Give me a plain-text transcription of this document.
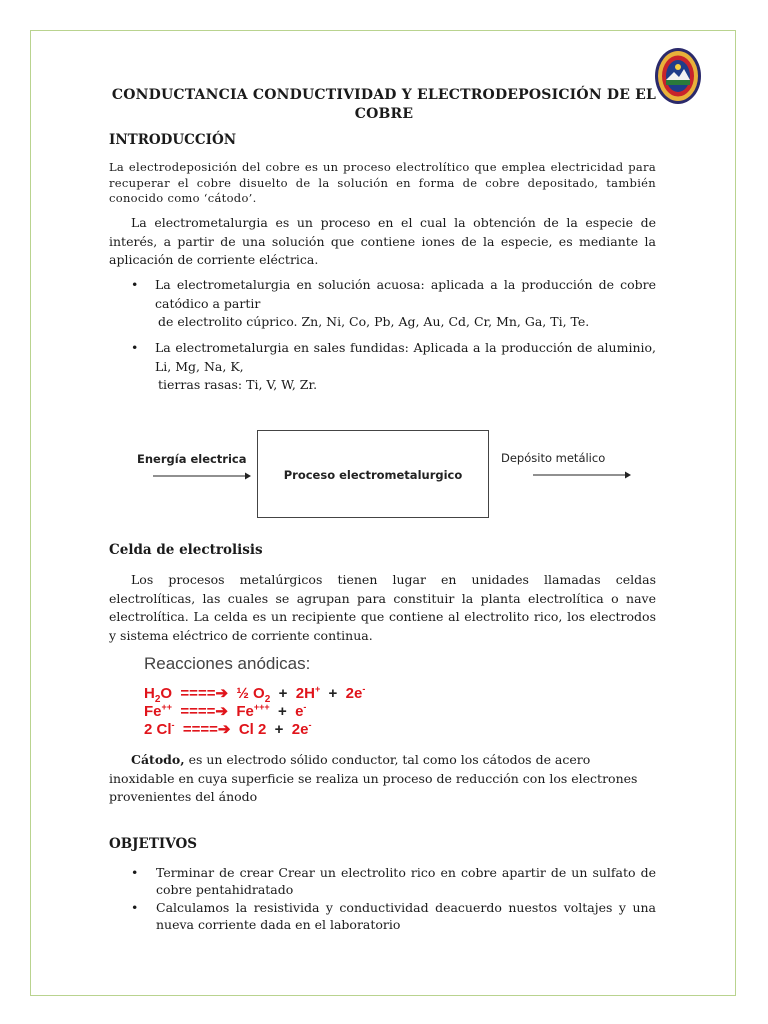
CONDUCTANCIA CONDUCTIVIDAD Y ELECTRODEPOSICIÓN DE EL COBRE
INTRODUCCIÓN
La electrodeposición del cobre es un proceso electrolítico que emplea electricidad para recuperar el cobre disuelto de la solución en forma de cobre depositado, también conocido como ‘cátodo’.
La electrometalurgia es un proceso en el cual la obtención de la especie de interés, a partir de una solución que contiene iones de la especie, es mediante la aplicación de corriente eléctrica.
• La electrometalurgia en solución acuosa: aplicada a la producción de cobre catódico a partir
de electrolito cúprico. Zn, Ni, Co, Pb, Ag, Au, Cd, Cr, Mn, Ga, Ti, Te.
• La electrometalurgia en sales fundidas: Aplicada a la producción de aluminio, Li, Mg, Na, K,
tierras rasas: Ti, V, W, Zr.
Energía electrica
Proceso electrometalurgico
Depósito metálico
Celda de electrolisis
Los procesos metalúrgicos tienen lugar en unidades llamadas celdas electrolíticas, las cuales se agrupan para constituir la planta electrolítica o nave electrolítica. La celda es un recipiente que contiene al electrolito rico, los electrodos y sistema eléctrico de corriente continua.
Reacciones anódicas:
$H_2O$ ====➔ ½ $O_2 + 2H^+ + 2e^-$
Fe++ ====➔ Fe+++ + e-
2 Cl- ====➔ Cl 2 + 2e-
Cátodo, es un electrodo sólido conductor, tal como los cátodos de acero inoxidable en cuya superficie se realiza un proceso de reducción con los electrones provenientes del ánodo
OBJETIVOS
• Terminar de crear Crear un electrolito rico en cobre apartir de un sulfato de cobre pentahidratado
• Calculamos la resistivida y conductividad deacuerdo nuestos voltajes y una nueva corriente dada en el laboratorio
